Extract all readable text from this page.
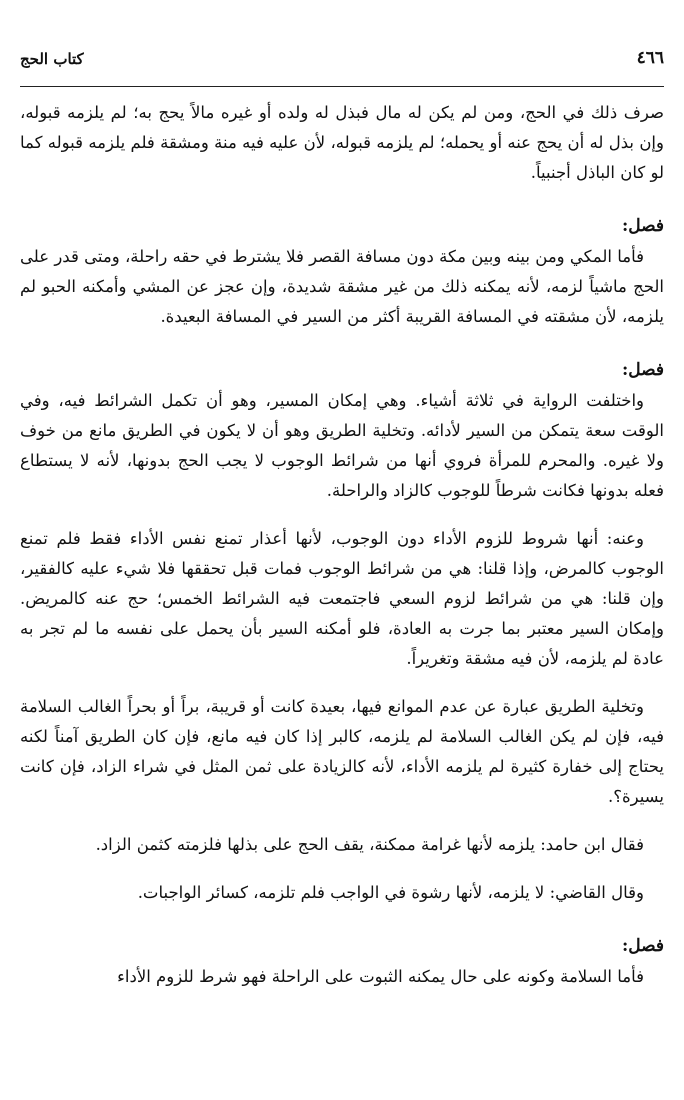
٤٦٦
كتاب الحج

صرف ذلك في الحج، ومن لم يكن له مال فبذل له ولده أو غيره مالاً يحج به؛ لم يلزمه قبوله، وإن بذل له أن يحج عنه أو يحمله؛ لم يلزمه قبوله، لأن عليه فيه منة ومشقة فلم يلزمه قبوله كما لو كان الباذل أجنبياً.

فصل:

فأما المكي ومن بينه وبين مكة دون مسافة القصر فلا يشترط في حقه راحلة، ومتى قدر على الحج ماشياً لزمه، لأنه يمكنه ذلك من غير مشقة شديدة، وإن عجز عن المشي وأمكنه الحبو لم يلزمه، لأن مشقته في المسافة القريبة أكثر من السير في المسافة البعيدة.

فصل:

واختلفت الرواية في ثلاثة أشياء. وهي إمكان المسير، وهو أن تكمل الشرائط فيه، وفي الوقت سعة يتمكن من السير لأدائه. وتخلية الطريق وهو أن لا يكون في الطريق مانع من خوف ولا غيره. والمحرم للمرأة فروي أنها من شرائط الوجوب لا يجب الحج بدونها، لأنه لا يستطاع فعله بدونها فكانت شرطاً للوجوب كالزاد والراحلة.

وعنه: أنها شروط للزوم الأداء دون الوجوب، لأنها أعذار تمنع نفس الأداء فقط فلم تمنع الوجوب كالمرض، وإذا قلنا: هي من شرائط الوجوب فمات قبل تحققها فلا شيء عليه كالفقير، وإن قلنا: هي من شرائط لزوم السعي فاجتمعت فيه الشرائط الخمس؛ حج عنه كالمريض. وإمكان السير معتبر بما جرت به العادة، فلو أمكنه السير بأن يحمل على نفسه ما لم تجر به عادة لم يلزمه، لأن فيه مشقة وتغريراً.

وتخلية الطريق عبارة عن عدم الموانع فيها، بعيدة كانت أو قريبة، براً أو بحراً الغالب السلامة فيه، فإن لم يكن الغالب السلامة لم يلزمه، كالبر إذا كان فيه مانع، فإن كان الطريق آمناً لكنه يحتاج إلى خفارة كثيرة لم يلزمه الأداء، لأنه كالزيادة على ثمن المثل في شراء الزاد، فإن كانت يسيرة؟.

فقال ابن حامد: يلزمه لأنها غرامة ممكنة، يقف الحج على بذلها فلزمته كثمن الزاد.

وقال القاضي: لا يلزمه، لأنها رشوة في الواجب فلم تلزمه، كسائر الواجبات.

فصل:

فأما السلامة وكونه على حال يمكنه الثبوت على الراحلة فهو شرط للزوم الأداء
